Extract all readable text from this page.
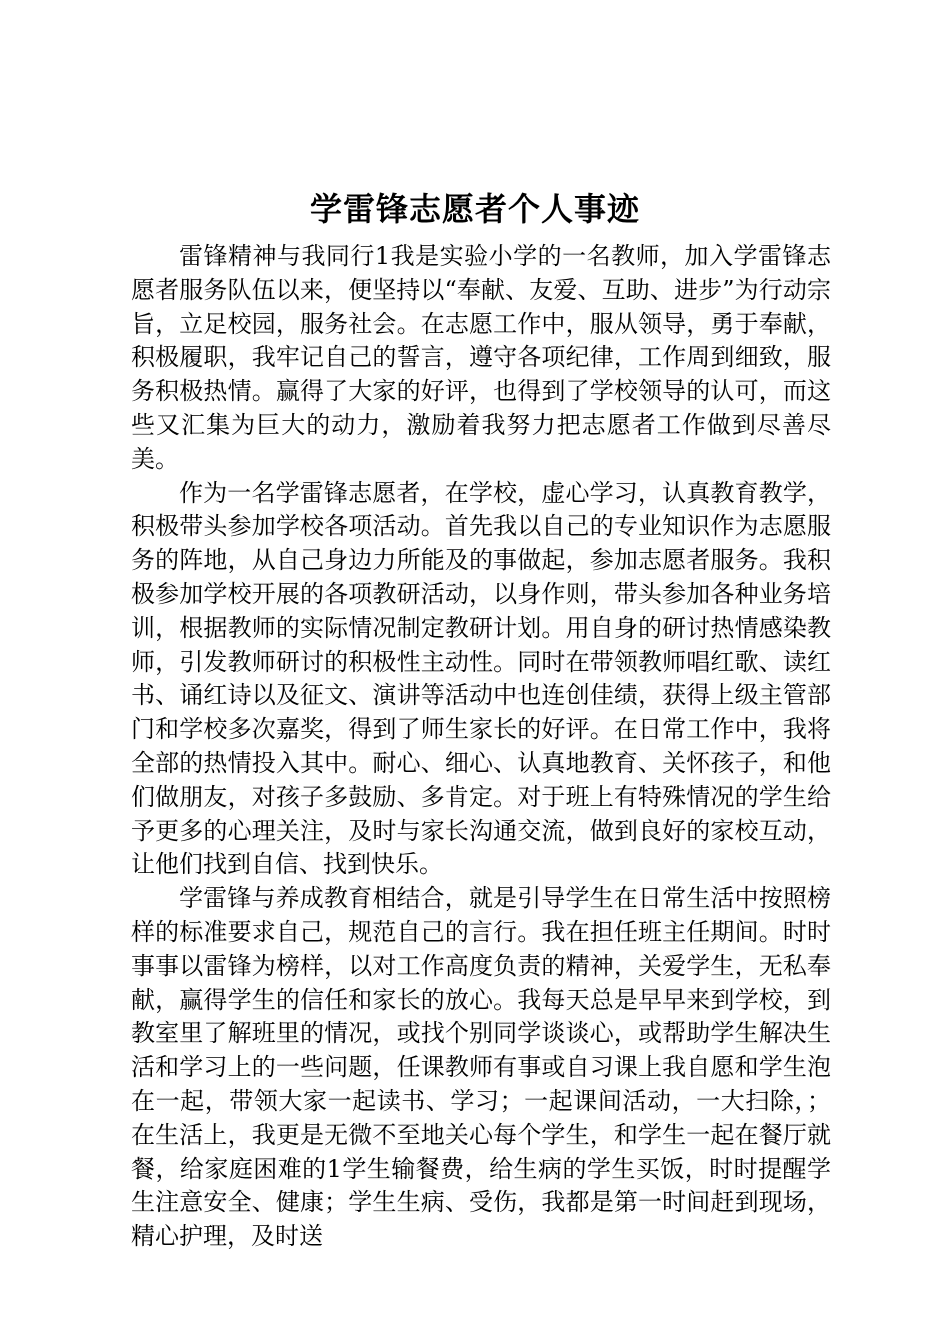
学雷锋志愿者个人事迹

雷锋精神与我同行1我是实验小学的一名教师，加入学雷锋志愿者服务队伍以来，便坚持以“奉献、友爱、互助、进步”为行动宗旨，立足校园，服务社会。在志愿工作中，服从领导，勇于奉献，积极履职，我牢记自己的誓言，遵守各项纪律，工作周到细致，服务积极热情。赢得了大家的好评，也得到了学校领导的认可，而这些又汇集为巨大的动力，激励着我努力把志愿者工作做到尽善尽美。

作为一名学雷锋志愿者，在学校，虚心学习，认真教育教学，积极带头参加学校各项活动。首先我以自己的专业知识作为志愿服务的阵地，从自己身边力所能及的事做起，参加志愿者服务。我积极参加学校开展的各项教研活动，以身作则，带头参加各种业务培训，根据教师的实际情况制定教研计划。用自身的研讨热情感染教师，引发教师研讨的积极性主动性。同时在带领教师唱红歌、读红书、诵红诗以及征文、演讲等活动中也连创佳绩，获得上级主管部门和学校多次嘉奖，得到了师生家长的好评。在日常工作中，我将全部的热情投入其中。耐心、细心、认真地教育、关怀孩子，和他们做朋友，对孩子多鼓励、多肯定。对于班上有特殊情况的学生给予更多的心理关注，及时与家长沟通交流，做到良好的家校互动，让他们找到自信、找到快乐。

学雷锋与养成教育相结合，就是引导学生在日常生活中按照榜样的标准要求自己，规范自己的言行。我在担任班主任期间。时时事事以雷锋为榜样，以对工作高度负责的精神，关爱学生，无私奉献，赢得学生的信任和家长的放心。我每天总是早早来到学校，到教室里了解班里的情况，或找个别同学谈谈心，或帮助学生解决生活和学习上的一些问题，任课教师有事或自习课上我自愿和学生泡在一起，带领大家一起读书、学习；一起课间活动，一大扫除，；在生活上，我更是无微不至地关心每个学生，和学生一起在餐厅就餐，给家庭困难的1学生输餐费，给生病的学生买饭，时时提醒学生注意安全、健康；学生生病、受伤，我都是第一时间赶到现场，精心护理，及时送
